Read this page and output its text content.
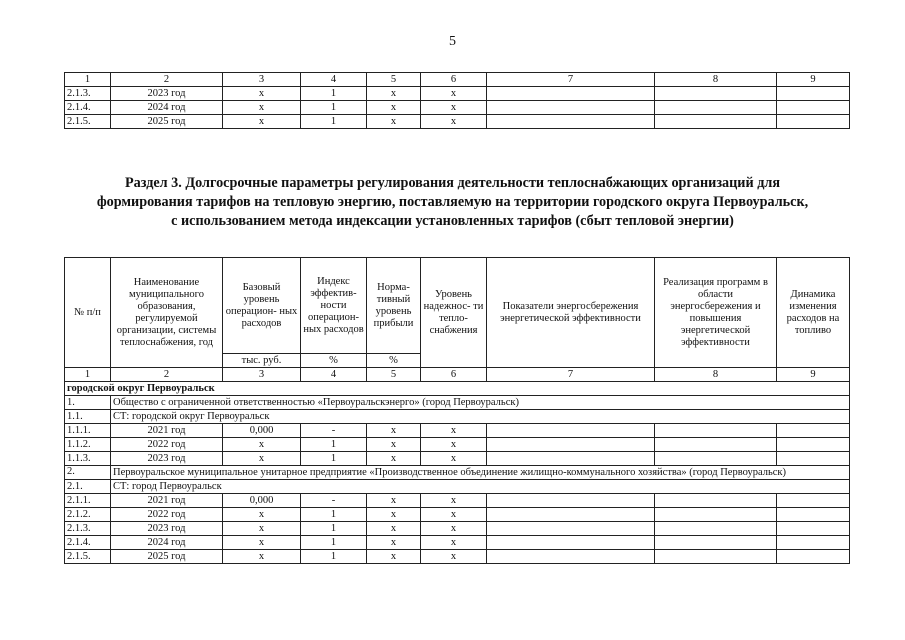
5
1	2	3	4	5	6	7	8	9
2.1.3.	2023 год	x	1	x	x			
2.1.4.	2024 год	x	1	x	x			
2.1.5.	2025 год	x	1	x	x			
Раздел 3. Долгосрочные параметры регулирования деятельности теплоснабжающих организаций для
формирования тарифов на тепловую энергию, поставляемую на территории городского округа Первоуральск,
с использованием метода индексации установленных тарифов (сбыт тепловой энергии)
№ п/п	Наименование муниципального образования, регулируемой организации, системы теплоснабжения, год	Базовый уровень операцион- ных расходов	Индекс эффектив- ности операцион- ных расходов	Норма- тивный уровень прибыли	Уровень надежнос- ти тепло- снабжения	Показатели энергосбережения энергетической эффективности	Реализация программ в области энергосбережения и повышения энергетической эффективности	Динамика изменения расходов на топливо
		тыс. руб.	%	%				
1	2	3	4	5	6	7	8	9
городской округ Первоуральск								
1.	Общество с ограниченной ответственностью «Первоуральскэнерго» (город Первоуральск)							
1.1.	СТ: городской округ Первоуральск							
1.1.1.	2021 год	0,000	-	x	x			
1.1.2.	2022 год	x	1	x	x			
1.1.3.	2023 год	x	1	x	x			
2.	Первоуральское муниципальное унитарное предприятие «Производственное объединение жилищно-коммунального хозяйства» (город Первоуральск)							
2.1.	СТ: город Первоуральск							
2.1.1.	2021 год	0,000	-	x	x			
2.1.2.	2022 год	x	1	x	x			
2.1.3.	2023 год	x	1	x	x			
2.1.4.	2024 год	x	1	x	x			
2.1.5.	2025 год	x	1	x	x			
